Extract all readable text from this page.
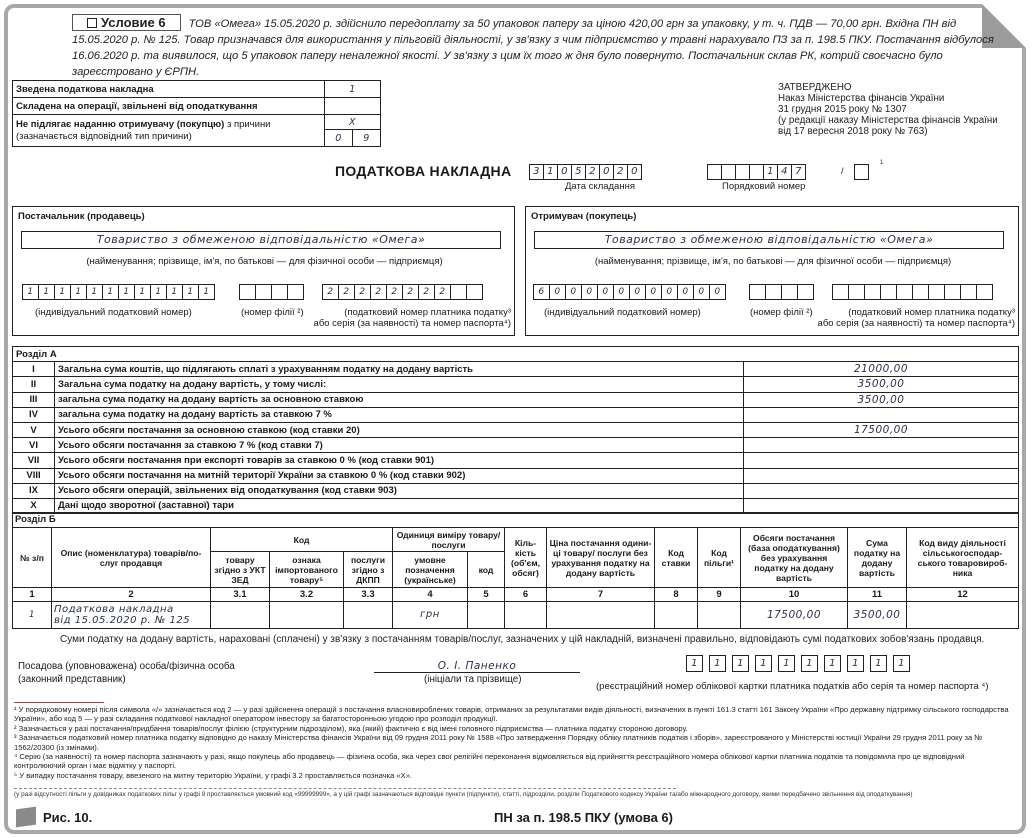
Условие 6 ТОВ «Омега» 15.05.2020 р. здійснило передоплату за 50 упаковок паперу за ціною 420,00 грн за упаковку, у т. ч. ПДВ — 70,00 грн. Вхідна ПН від 15.05.2020 р. № 125. Товар призначався для використання у пільговій діяльності, у зв'язку з чим підприємство у травні нарахувало ПЗ за п. 198.5 ПКУ. Постачання відбулося 16.06.2020 р. та виявилося, що 5 упаковок паперу неналежної якості. У зв'язку з цим їх того ж дня було повернуто. Постачальник склав РК, котрий своєчасно було зареєстровано у ЄРПН.
Зведена податкова накладна	1	
Складена на операції, звільнені від оподаткування		
Не підлягає наданню отримувачу (покупцю) з причини
(зазначається відповідний тип причини)	X	
	0	9
ЗАТВЕРДЖЕНО
Наказ Міністерства фінансів України
31 грудня 2015 року № 1307
(у редакції наказу Міністерства фінансів України
від 17 вересня 2018 року № 763)
ПОДАТКОВА НАКЛАДНА	3 1 0 5 2 0 2 0
Дата складання
1 4 7	/
1
Порядковий номер
Постачальник (продавець)
Товариство з обмеженою відповідальністю «Омега»
(найменування; прізвище, ім'я, по батькові — для фізичної особи — підприємця)
1	1	1	1	1	1	1	1	1	1	1	1	2	2	2	2	2	2	2	2
(індивідуальний податковий номер)	(номер філії ²)	(податковий номер платника податку³
або серія (за наявності) та номер паспорта⁴)
Отримувач (покупець)
Товариство з обмеженою відповідальністю «Омега»
(найменування; прізвище, ім'я, по батькові — для фізичної особи — підприємця)
6	0	0	0	0	0	0	0	0	0	0	0
(індивідуальний податковий номер)	(номер філії ²)	(податковий номер платника податку³
або серія (за наявності) та номер паспорта⁴)
Розділ А		
I	Загальна сума коштів, що підлягають сплаті з урахуванням податку на додану вартість	21000,00
II	Загальна сума податку на додану вартість, у тому числі:	3500,00
III	загальна сума податку на додану вартість за основною ставкою	3500,00
IV	загальна сума податку на додану вартість за ставкою 7 %	
V	Усього обсяги постачання за основною ставкою (код ставки 20)	17500,00
VI	Усього обсяги постачання за ставкою 7 % (код ставки 7)	
VII	Усього обсяги постачання при експорті товарів за ставкою 0 % (код ставки 901)	
VIII	Усього обсяги постачання на митній території України за ставкою 0 % (код ставки 902)	
IX	Усього обсяги операцій, звільнених від оподаткування (код ставки 903)	
X	Дані щодо зворотної (заставної) тари	
Розділ Б													
№ з/п	Опис (номенклатура) товарів/по-слуг продавця	Код			Одиниця виміру товару/ послуги		Кіль-кість (об'єм, обсяг)	Ціна постачання одини-ці товару/ послуги без урахування податку на додану вартість	Код ставки	Код пільги¹	Обсяги постачання (база оподаткування) без урахування податку на додану вартість	Сума податку на додану вартість	Код виду діяльності сільськогосподар-ського товаровироб-ника
		товару згідно з УКТ ЗЕД	ознака імпортованого товару⁵	послуги згідно з ДКПП	умовне позначення (українське)	код							
1	2	3.1	3.2	3.3	4	5	6	7	8	9	10	11	12
1	Податкова накладна
від 15.05.2020 р. № 125				грн						17500,00	3500,00	
Суми податку на додану вартість, нараховані (сплачені) у зв'язку з постачанням товарів/послуг, зазначених у цій накладній, визначені правильно, відповідають сумі податкових зобов'язань продавця.
Посадова (уповноважена) особа/фізична особа
(законний представник)
О. І. Паненко
(ініціали та прізвище)
1	1	1	1	1	1	1	1	1	1
(реєстраційний номер облікової картки платника податків або серія та номер паспорта ⁴)
¹ У порядковому номері після символа «/» зазначається код 2 — у разі здійснення операцій з постачання власновироблених товарів, отриманих за результатами видів діяльності, визначених в пункті 161.3 статті 161 Закону України «Про державну підтримку сільського господарства України», або код 5 — у разі складання податкової накладної оператором інвестору за багатосторонньою угодою про розподіл продукції.
² Зазначається у разі постачання/придбання товарів/послуг філією (структурним підрозділом), яка (який) фактично є від імені головного підприємства — платника податку стороною договору.
³ Зазначається податковий номер платника податку відповідно до наказу Міністерства фінансів України від 09 грудня 2011 року № 1588 «Про затвердження Порядку обліку платників податків і зборів», зареєстрованого у Міністерстві юстиції України 29 грудня 2011 року за № 1562/20300 (із змінами).
⁴ Серію (за наявності) та номер паспорта зазначають у разі, якщо покупець або продавець — фізична особа, яка через свої релігійні переконання відмовляється від прийняття реєстраційного номера облікової картки платника податків та повідомила про це відповідний контролюючий орган і має відмітку у паспорті.
⁵ У випадку постачання товару, ввезеного на митну територію України, у графі 3.2 проставляється позначка «Х».
(у разі відсутності пільги у довідниках податкових пільг у графі 9 проставляється умовний код «99999999», а у цій графі зазначаються відповідні пункти (підпункти), статті, підрозділи, розділи Податкового кодексу України та/або міжнародного договору, якими передбачено звільнення від оподаткування)
Рис. 10.	ПН за п. 198.5 ПКУ (умова 6)
